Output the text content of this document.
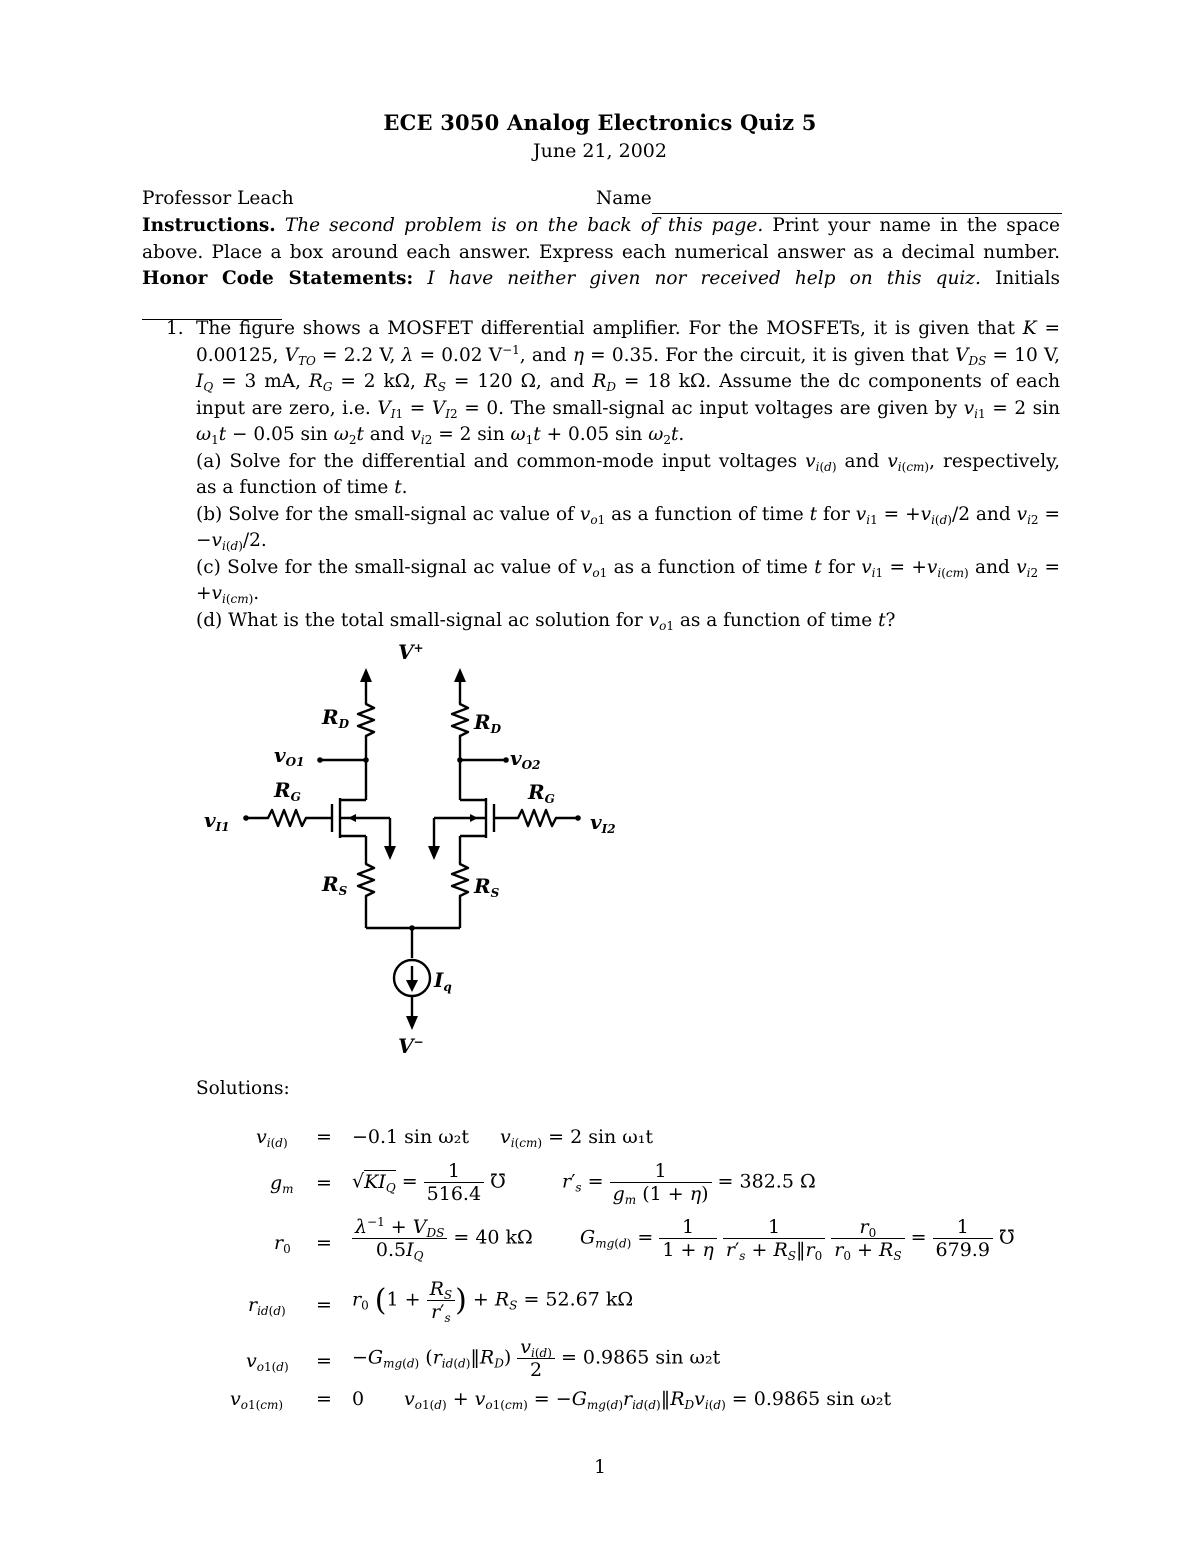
ECE 3050 Analog Electronics Quiz 5
June 21, 2002
Professor Leach	Name
Instructions. The second problem is on the back of this page. Print your name in the space above. Place a box around each answer. Express each numerical answer as a decimal number. Honor Code Statements: I have neither given nor received help on this quiz. Initials
1. The figure shows a MOSFET differential amplifier. For the MOSFETs, it is given that K = 0.00125, $V_{TO} = 2.2$ V, λ = 0.02 $V^{-1}$, and η = 0.35. For the circuit, it is given that $V_{DS} = 10$ V, $I_Q = 3$ mA, $R_G = 2$ kΩ, $R_S = 120$ Ω, and $R_D = 18$ kΩ. Assume the dc components of each input are zero, i.e. $V_{I1} = V_{I2} = 0$. The small-signal ac input voltages are given by $v_{i1} = 2$ $\sin \omega_1t - 0.05$ $\sin \omega_2t$ and $v_{i2} = 2$ $\sin \omega_1t + 0.05$ $\sin \omega_2t$.
(a) Solve for the differential and common-mode input voltages $v_{i(d)}$ and $v_{i(cm)}$, respectively, as a function of time t.
(b) Solve for the small-signal ac value of $v_{o1}$ as a function of time t for $v_{i1} = +v_{i(d)}/2$ and $v_{i2} = -v_{i(d)}/2$.
(c) Solve for the small-signal ac value of $v_{o1}$ as a function of time t for $v_{i1} = +v_{i(cm)}$ and $v_{i2} = +v_{i(cm)}$.
(d) What is the total small-signal ac solution for $v_{o1}$ as a function of time t?
V+
$R_D$	$R_D$
$v_{O1}$	$v_{O2}$
$R_G$	$R_G$
$v_{I1}$	$v_{I2}$
$R_S$	$R_S$
$I_q$
V−
Solutions:
$v_{i(d)} = -0.1$ sin ω₂t $v_{i(cm)} = 2$ sin ω₁t
$g_m = √KI_Q = \frac{1}{516.4}$ ℧	$r'_s = \frac{1}{g_m (1 + \eta)} = 382.5$ Ω
$r_0 = \frac{\lambda^{-1} + V_{DS}}{0.5I_Q} = 40$ kΩ $G_{mg(d)} = \frac{1}{1 + \eta}$
$\frac{1}{r'_s + R_S‖r_0}$
$\frac{r_0}{r_0 + R_S} = \frac{1}{679.9}$ ℧
$r_{id(d)} = r_0$ ($1 + \frac{R_S}{r'_s}$ ) + $R_S = 52.67$ kΩ
$v_{o1(d)} = -G_{mg(d)}$ $(r_{id(d)}‖R_D) \frac{v_{i(d)}}{2} = 0.9865$ sin ω₂t
$v_{o1(cm)} = 0$ $v_{o1(d)} + v_{o1(cm)}$ = $-G_{mg(d)}r_{id(d)}‖R_Dv_{i(d)} = 0.9865$ sin ω₂t
1
